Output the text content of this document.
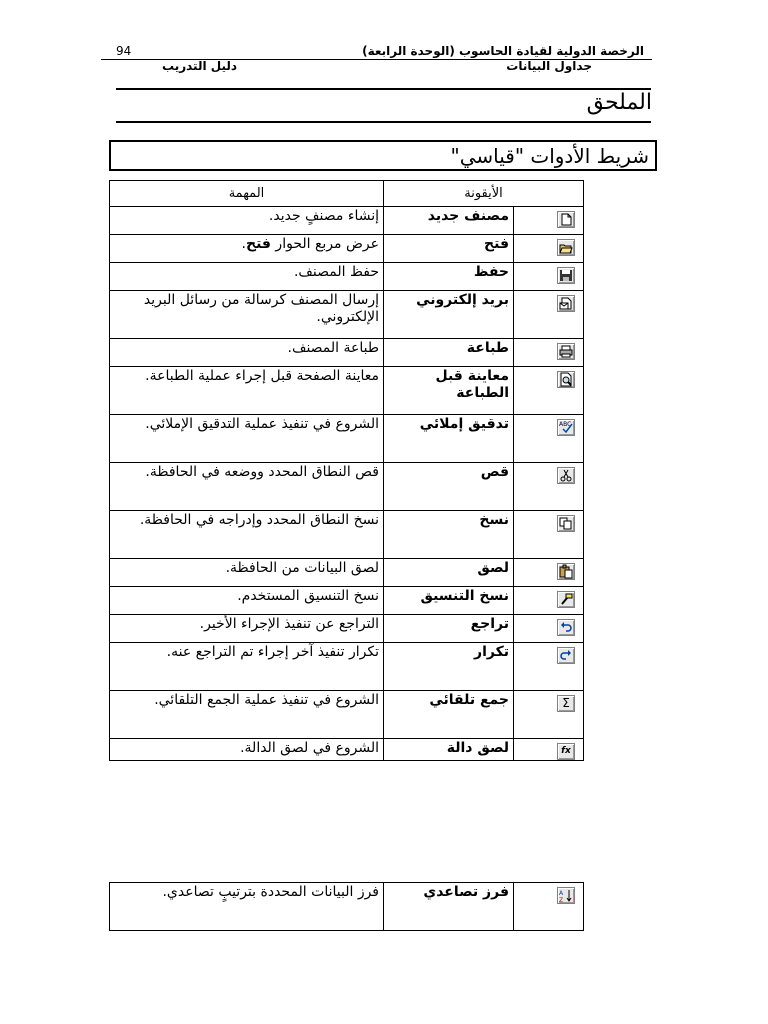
94	الرخصة الدولية لقيادة الحاسوب (الوحدة الرابعة)
دليل التدريب	جداول البيانات
الملحق
شريط الأدوات "قياسي"
الأيقونة		المهمة
	مصنف جديد	إنشاء مصنفٍ جديد.
	فتح	عرض مربع الحوار فتح.
	حفظ	حفظ المصنف.
	بريد إلكتروني	إرسال المصنف كرسالة من رسائل البريد الإلكتروني.
	طباعة	طباعة المصنف.
	معاينة قبل الطباعة	معاينة الصفحة قبل إجراء عملية الطباعة.

ABC	تدقيق إملائي	الشروع في تنفيذ عملية التدقيق الإملائي.
	قص	قص النطاق المحدد ووضعه في الحافظة.
	نسخ	نسخ النطاق المحدد وإدراجه في الحافظة.
	لصق	لصق البيانات من الحافظة.
	نسخ التنسيق	نسخ التنسيق المستخدم.
	تراجع	التراجع عن تنفيذ الإجراء الأخير.
	تكرار	تكرار تنفيذ آخر إجراء تم التراجع عنه.
Σ	جمع تلقائي	الشروع في تنفيذ عملية الجمع التلقائي.
fx	لصق دالة	الشروع في لصق الدالة.
A
Z
	فرز تصاعدي	فرز البيانات المحددة بترتيبٍ تصاعدي.
